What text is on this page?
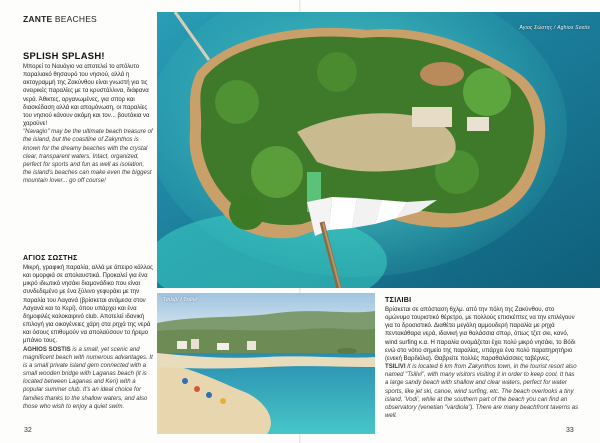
ZANTE BEACHES
SPLISH SPLASH!

Μπορεί το Ναυάγιο να αποτελεί το απόλυτο παραλιακό θησαυρό του νησιού, αλλά η ακτογραμμή της Ζακύνθου είναι γνωστή για τις ονειρικές παραλίες με τα κρυστάλλινα, διάφανα νερά. Άθικτες, οργανωμένες, για σπορ και διασκέδαση αλλά και απομόνωση, οι παραλίες του νησιού κάνουν ακόμη και τον... βουτάκια να χαρούνε!

"Navagio" may be the ultimate beach treasure of the island, but the coastline of Zakynthos is known for the dreamy beaches with the crystal clear, transparent waters. Intact, organized, perfect for sports and fun as well as isolation, the island's beaches can make even the biggest mountain lover... go off course!

ΑΓΙΟΣ ΣΩΣΤΗΣ

Μικρή, γραφική παραλία, αλλά με άπειρο κάλλος και ομορφιά σε απολαυστικά. Προκαλεί για ένα μικρό ιδιωτικό νησάκι διαμονάδικο που είναι συνδεδεμένο με ένα ξύλινο γεφυράκι με την παραλία του Λαγανά (βρίσκεται ανάμεσα στον Λαγανά και το Κερί), όπου υπάρχει και ένα δημοφιλές καλοκαιρινό club. Αποτελεί ιδανική επιλογή για οικογένειες χάρη στα ρηχά της νερά και όσους επιθυμούν να απολαύσουν το ήρεμο μπάνιο τους.

AGHIOS SOSTIS is a small, yet scenic and magnificent beach with numerous advantages. It is a small private island gem connected with a small wooden bridge with Laganas beach (it is located between Laganas and Keri) with a popular summer club. It's an ideal choice for families thanks to the shallow waters, and also those who wish to enjoy a quiet swim.

Άγιος Σώστης / Aghios Sostis
Τσιλιβί / Tsilivi	ΤΣΙΛΙΒΙ

Βρίσκεται σε απόσταση 6χλμ. από την πόλη της Ζακύνθου, στο ομώνυμο τουριστικό θέρετρο, με πολλούς επισκέπτες να την επιλέγουν για το δροσιστικό. Διαθέτει μεγάλη αμμουδερή παραλία με ρηχά πεντακάθαρα νερά, ιδανική για θαλάσσια σπορ, όπως τζετ σκι, κανό, wind surfing κ.α. Η παραλία ονομάζεται έχει πολύ μικρό νησάκι, το Βόδι ενώ στο νότιο σημείο της παραλίας, υπάρχει ένα πολύ παρατηρητήριο (ενεκή Βαρδιόλα). Θαβρείτε πολλές παραθαλάσσιες ταβέρνες.

TSILIVI It is located 6 km from Zakynthos town, in the tourist resort also named "Tsilivi", with many visitors visiting it in order to keep cool. It has a large sandy beach with shallow and clear waters, perfect for water sports, like jet ski, canoe, wind surfing, etc. The beach overlooks a tiny island, 'Vodi', while at the southern part of the beach you can find an observatory (venetian "vardiola"). There are many beachfront taverns as well.

32	33
